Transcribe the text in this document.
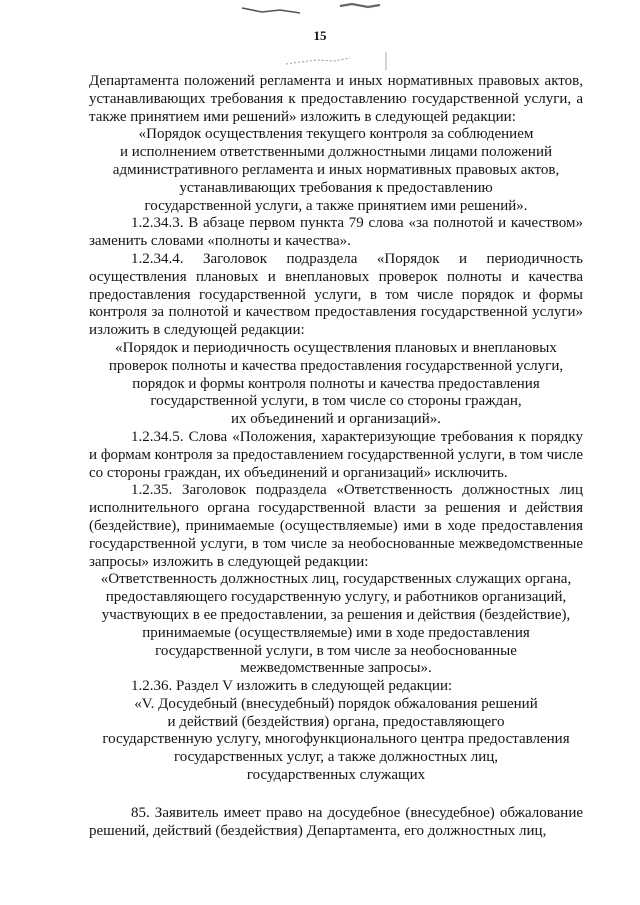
15

Департамента положений регламента и иных нормативных правовых актов, устанавливающих требования к предоставлению государственной услуги, а также принятием ими решений» изложить в следующей редакции:

«Порядок осуществления текущего контроля за соблюдением

и исполнением ответственными должностными лицами положений

административного регламента и иных нормативных правовых актов,

устанавливающих требования к предоставлению

государственной услуги, а также принятием ими решений».

1.2.34.3. В абзаце первом пункта 79 слова «за полнотой и качеством» заменить словами «полноты и качества».

1.2.34.4. Заголовок подраздела «Порядок и периодичность осуществления плановых и внеплановых проверок полноты и качества предоставления государственной услуги, в том числе порядок и формы контроля за полнотой и качеством предоставления государственной услуги» изложить в следующей редакции:

«Порядок и периодичность осуществления плановых и внеплановых

проверок полноты и качества предоставления государственной услуги,

порядок и формы контроля полноты и качества предоставления

государственной услуги, в том числе со стороны граждан,

их объединений и организаций».

1.2.34.5. Слова «Положения, характеризующие требования к порядку и формам контроля за предоставлением государственной услуги, в том числе со стороны граждан, их объединений и организаций» исключить.

1.2.35. Заголовок подраздела «Ответственность должностных лиц исполнительного органа государственной власти за решения и действия (бездействие), принимаемые (осуществляемые) ими в ходе предоставления государственной услуги, в том числе за необоснованные межведомственные запросы» изложить в следующей редакции:

«Ответственность должностных лиц, государственных служащих органа,

предоставляющего государственную услугу, и работников организаций,

участвующих в ее предоставлении, за решения и действия (бездействие),

принимаемые (осуществляемые) ими в ходе предоставления

государственной услуги, в том числе за необоснованные

межведомственные запросы».

1.2.36. Раздел V изложить в следующей редакции:

«V. Досудебный (внесудебный) порядок обжалования решений

и действий (бездействия) органа, предоставляющего

государственную услугу, многофункционального центра предоставления

государственных услуг, а также должностных лиц,

государственных служащих

85. Заявитель имеет право на досудебное (внесудебное) обжалование решений, действий (бездействия) Департамента, его должностных лиц,
